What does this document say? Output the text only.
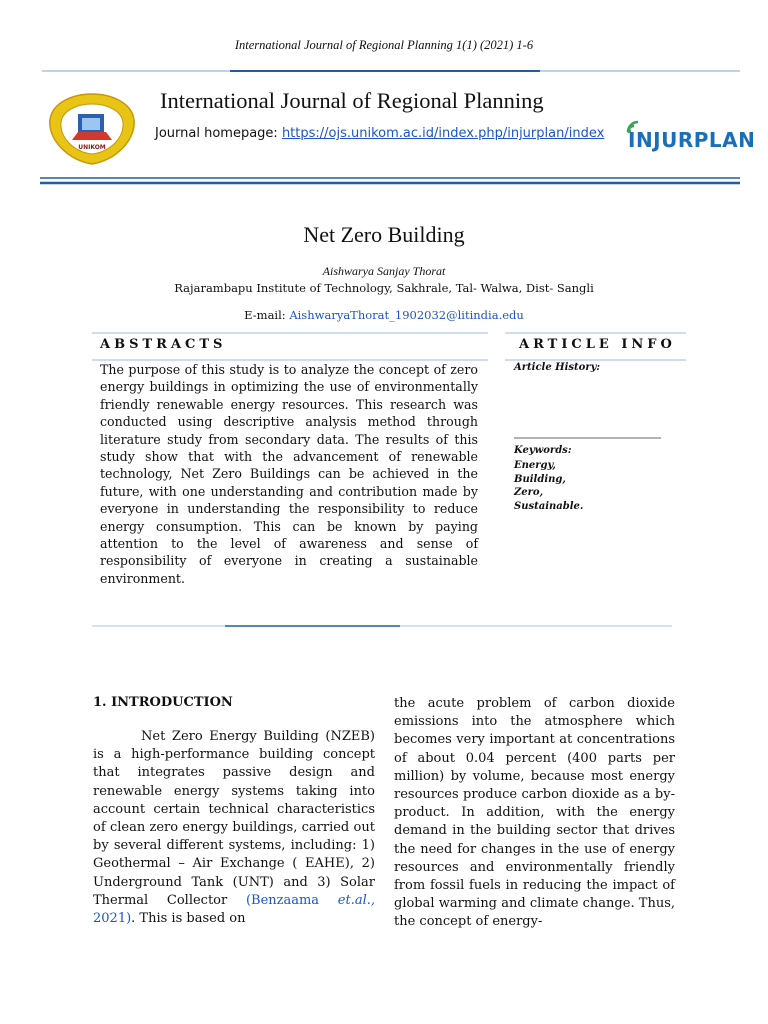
International Journal of Regional Planning 1(1) (2021) 1-6
UNIKOM
International Journal of Regional Planning
Journal homepage: https://ojs.unikom.ac.id/index.php/injurplan/index INJURPLAN
Net Zero Building
Aishwarya Sanjay Thorat
Rajarambapu Institute of Technology, Sakhrale, Tal- Walwa, Dist- Sangli
E-mail: AishwaryaThorat_1902032@litindia.edu
ABSTRACTS	ARTICLE INFO
The purpose of this study is to analyze the concept of zero energy buildings in optimizing the use of environmentally friendly renewable energy resources. This research was conducted using descriptive analysis method through literature study from secondary data. The results of this study show that with the advancement of renewable technology, Net Zero Buildings can be achieved in the future, with one understanding and contribution made by everyone in understanding the responsibility to reduce energy consumption. This can be known by paying attention to the level of awareness and sense of responsibility of everyone in creating a sustainable environment.
Article History:
Keywords:
Energy,
Building,
Zero,
Sustainable.
1. INTRODUCTION
Net Zero Energy Building (NZEB) is a high-performance building concept that integrates passive design and renewable energy systems taking into account certain technical characteristics of clean zero energy buildings, carried out by several different systems, including: 1) Geothermal – Air Exchange ( EAHE), 2) Underground Tank (UNT) and 3) Solar Thermal Collector (Benzaama et.al., 2021). This is based on
the acute problem of carbon dioxide emissions into the atmosphere which becomes very important at concentrations of about 0.04 percent (400 parts per million) by volume, because most energy resources produce carbon dioxide as a by-product. In addition, with the energy demand in the building sector that drives the need for changes in the use of energy resources and environmentally friendly from fossil fuels in reducing the impact of global warming and climate change. Thus, the concept of energy-
